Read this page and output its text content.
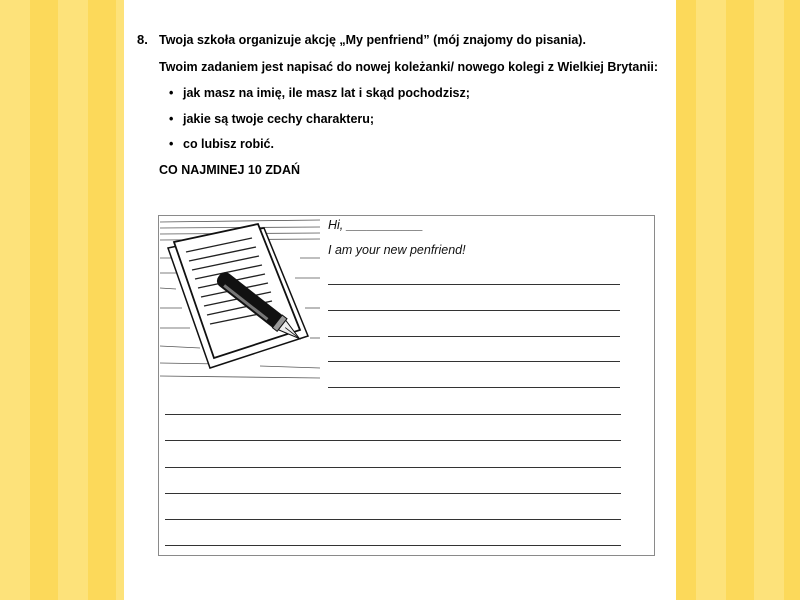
8. Twoja szkoła organizuje akcję „My penfriend” (mój znajomy do pisania).
Twoim zadaniem jest napisać do nowej koleżanki/ nowego kolegi z Wielkiej Brytanii:
• jak masz na imię, ile masz lat i skąd pochodzisz;
• jakie są twoje cechy charakteru;
• co lubisz robić.
CO NAJMINEJ 10 ZDAŃ
Hi, ___________
I am your new penfriend!
